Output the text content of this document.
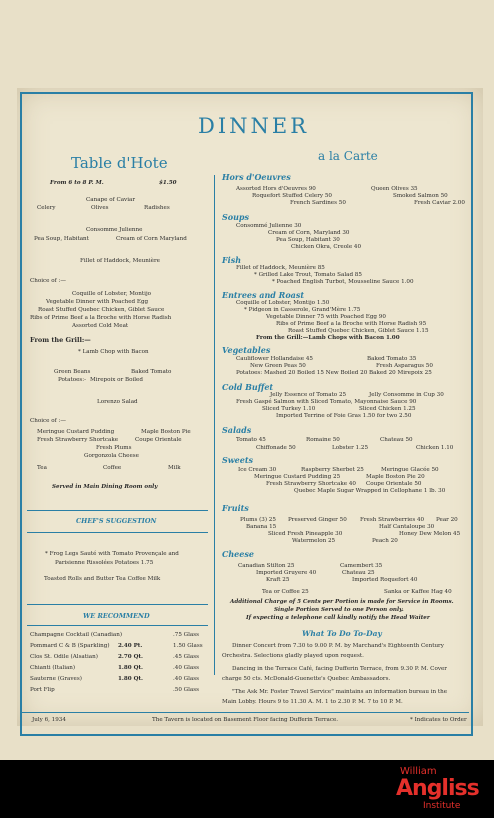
DINNER
Table d'Hote
From 6 to 8 P. M.	$1.50
Canape of Caviar
Celery	Olives	Radishes
Consomme Julienne
Pea Soup, Habitant	Cream of Corn Maryland
Fillet of Haddock, Meunière
Choice of :—
Coquille of Lobster, Montijo
Vegetable Dinner with Poached Egg
Roast Stuffed Quebec Chicken, Giblet Sauce
Ribs of Prime Beef a la Broche with Horse Radish
Assorted Cold Meat
From the Grill:—
* Lamb Chop with Bacon
Green Beans	Baked Tomato
Potatoes:- Mirepoix or Boiled
Lorenzo Salad
Choice of :—
Meringue Custard Pudding	Maple Boston Pie
Fresh Strawberry Shortcake	Coupe Orientale
Fresh Plums
Gorgonzola Cheese
Tea	Coffee	Milk
Served in Main Dining Room only
CHEF'S SUGGESTION
* Frog Legs Sauté with Tomato Provençale and
Parisienne Rissolées Potatoes 1.75
Toasted Rolls and Butter Tea Coffee Milk
WE RECOMMEND
Champagne Cocktail (Canadian)	.75 Glass
Pommard C & B (Sparkling) 2.40 Pt.	1.50 Glass
Clos St. Odile (Alsatian)	2.70 Qt.	.45 Glass
Chianti (Italian)	1.80 Qt.	.40 Glass
Sauterne (Graves)	1.80 Qt.	.40 Glass
Port Flip	.50 Glass
a la Carte
Hors d'Oeuvres
Assorted Hors d'Oeuvres 90	Queen Olives 35
Roquefort Stuffed Celery 50	Smoked Salmon 50
French Sardines 50	Fresh Caviar 2.00
Soups
Consommé Julienne 30
Cream of Corn, Maryland 30
Pea Soup, Habitant 30
Chicken Okra, Creole 40
Fish
Fillet of Haddock, Meunière 85
* Grilled Lake Trout, Tomato Salad 85
* Poached English Turbot, Mousseline Sauce 1.00
Entrees and Roast
Coquille of Lobster, Montijo 1.50
* Pidgeon in Casserole, Grand'Mère 1.75
Vegetable Dinner 75 with Poached Egg 90
Ribs of Prime Beef a la Broche with Horse Radish 95
Roast Stuffed Quebec Chicken, Giblet Sauce 1.15
From the Grill:—Lamb Chops with Bacon 1.00
Vegetables
Cauliflower Hollandaise 45	Baked Tomato 35
New Green Peas 50	Fresh Asparagus 50
Potatoes: Mashed 20 Boiled 15 New Boiled 20 Baked 20 Mirepoix 25
Cold Buffet
Jelly Essence of Tomato 25	Jelly Consomme in Cup 30
Fresh Gaspé Salmon with Sliced Tomato, Mayonnaise Sauce 90
Sliced Turkey 1.10	Sliced Chicken 1.25
Imported Terrine of Foie Gras 1.50 for two 2.50
Salads
Tomato 45	Romaine 50	Chateau 50
Chiffonade 50	Lobster 1.25	Chicken 1.10
Sweets
Ice Cream 30	Raspberry Sherbet 25	Meringue Glacée 50
Meringue Custard Pudding 25	Maple Boston Pie 20
Fresh Strawberry Shortcake 40 Coupe Orientale 50
Quebec Maple Sugar Wrapped in Cellophane 1 lb. 30
Fruits
Plums (3) 25 Preserved Ginger 50 Fresh Strawberries 40 Pear 20
Banana 15	Half Cantaloupe 30
Sliced Fresh Pineapple 30	Honey Dew Melon 45
Watermelon 25	Peach 20
Cheese
Canadian Stilton 25	Camembert 35
Imported Gruyere 40	Chateau 25
Kraft 25	Imported Roquefort 40
Tea or Coffee 25	Sanka or Kaffee Hag 40
Additional Charge of 5 Cents per Portion is made for Service in Rooms.
Single Portion Served to one Person only.
If expecting a telephone call kindly notify the Head Waiter
What To Do To-Day
Dinner Concert from 7.30 to 9.00 P. M. by Marchand's Eighteenth Century
Orchestra. Selections gladly played upon request.
Dancing in the Terrace Café, facing Dufferin Terrace, from 9.30 P. M. Cover
charge 50 cts. McDonald-Guenette's Quebec Ambassadors.
"The Ask Mr. Foster Travel Service" maintains an information bureau in the
Main Lobby. Hours 9 to 11.30 A. M. 1 to 2.30 P. M. 7 to 10 P. M.
July 6, 1934	The Tavern is located on Basement Floor facing Dufferin Terrace.	* Indicates to Order
William
Angliss
Institute
